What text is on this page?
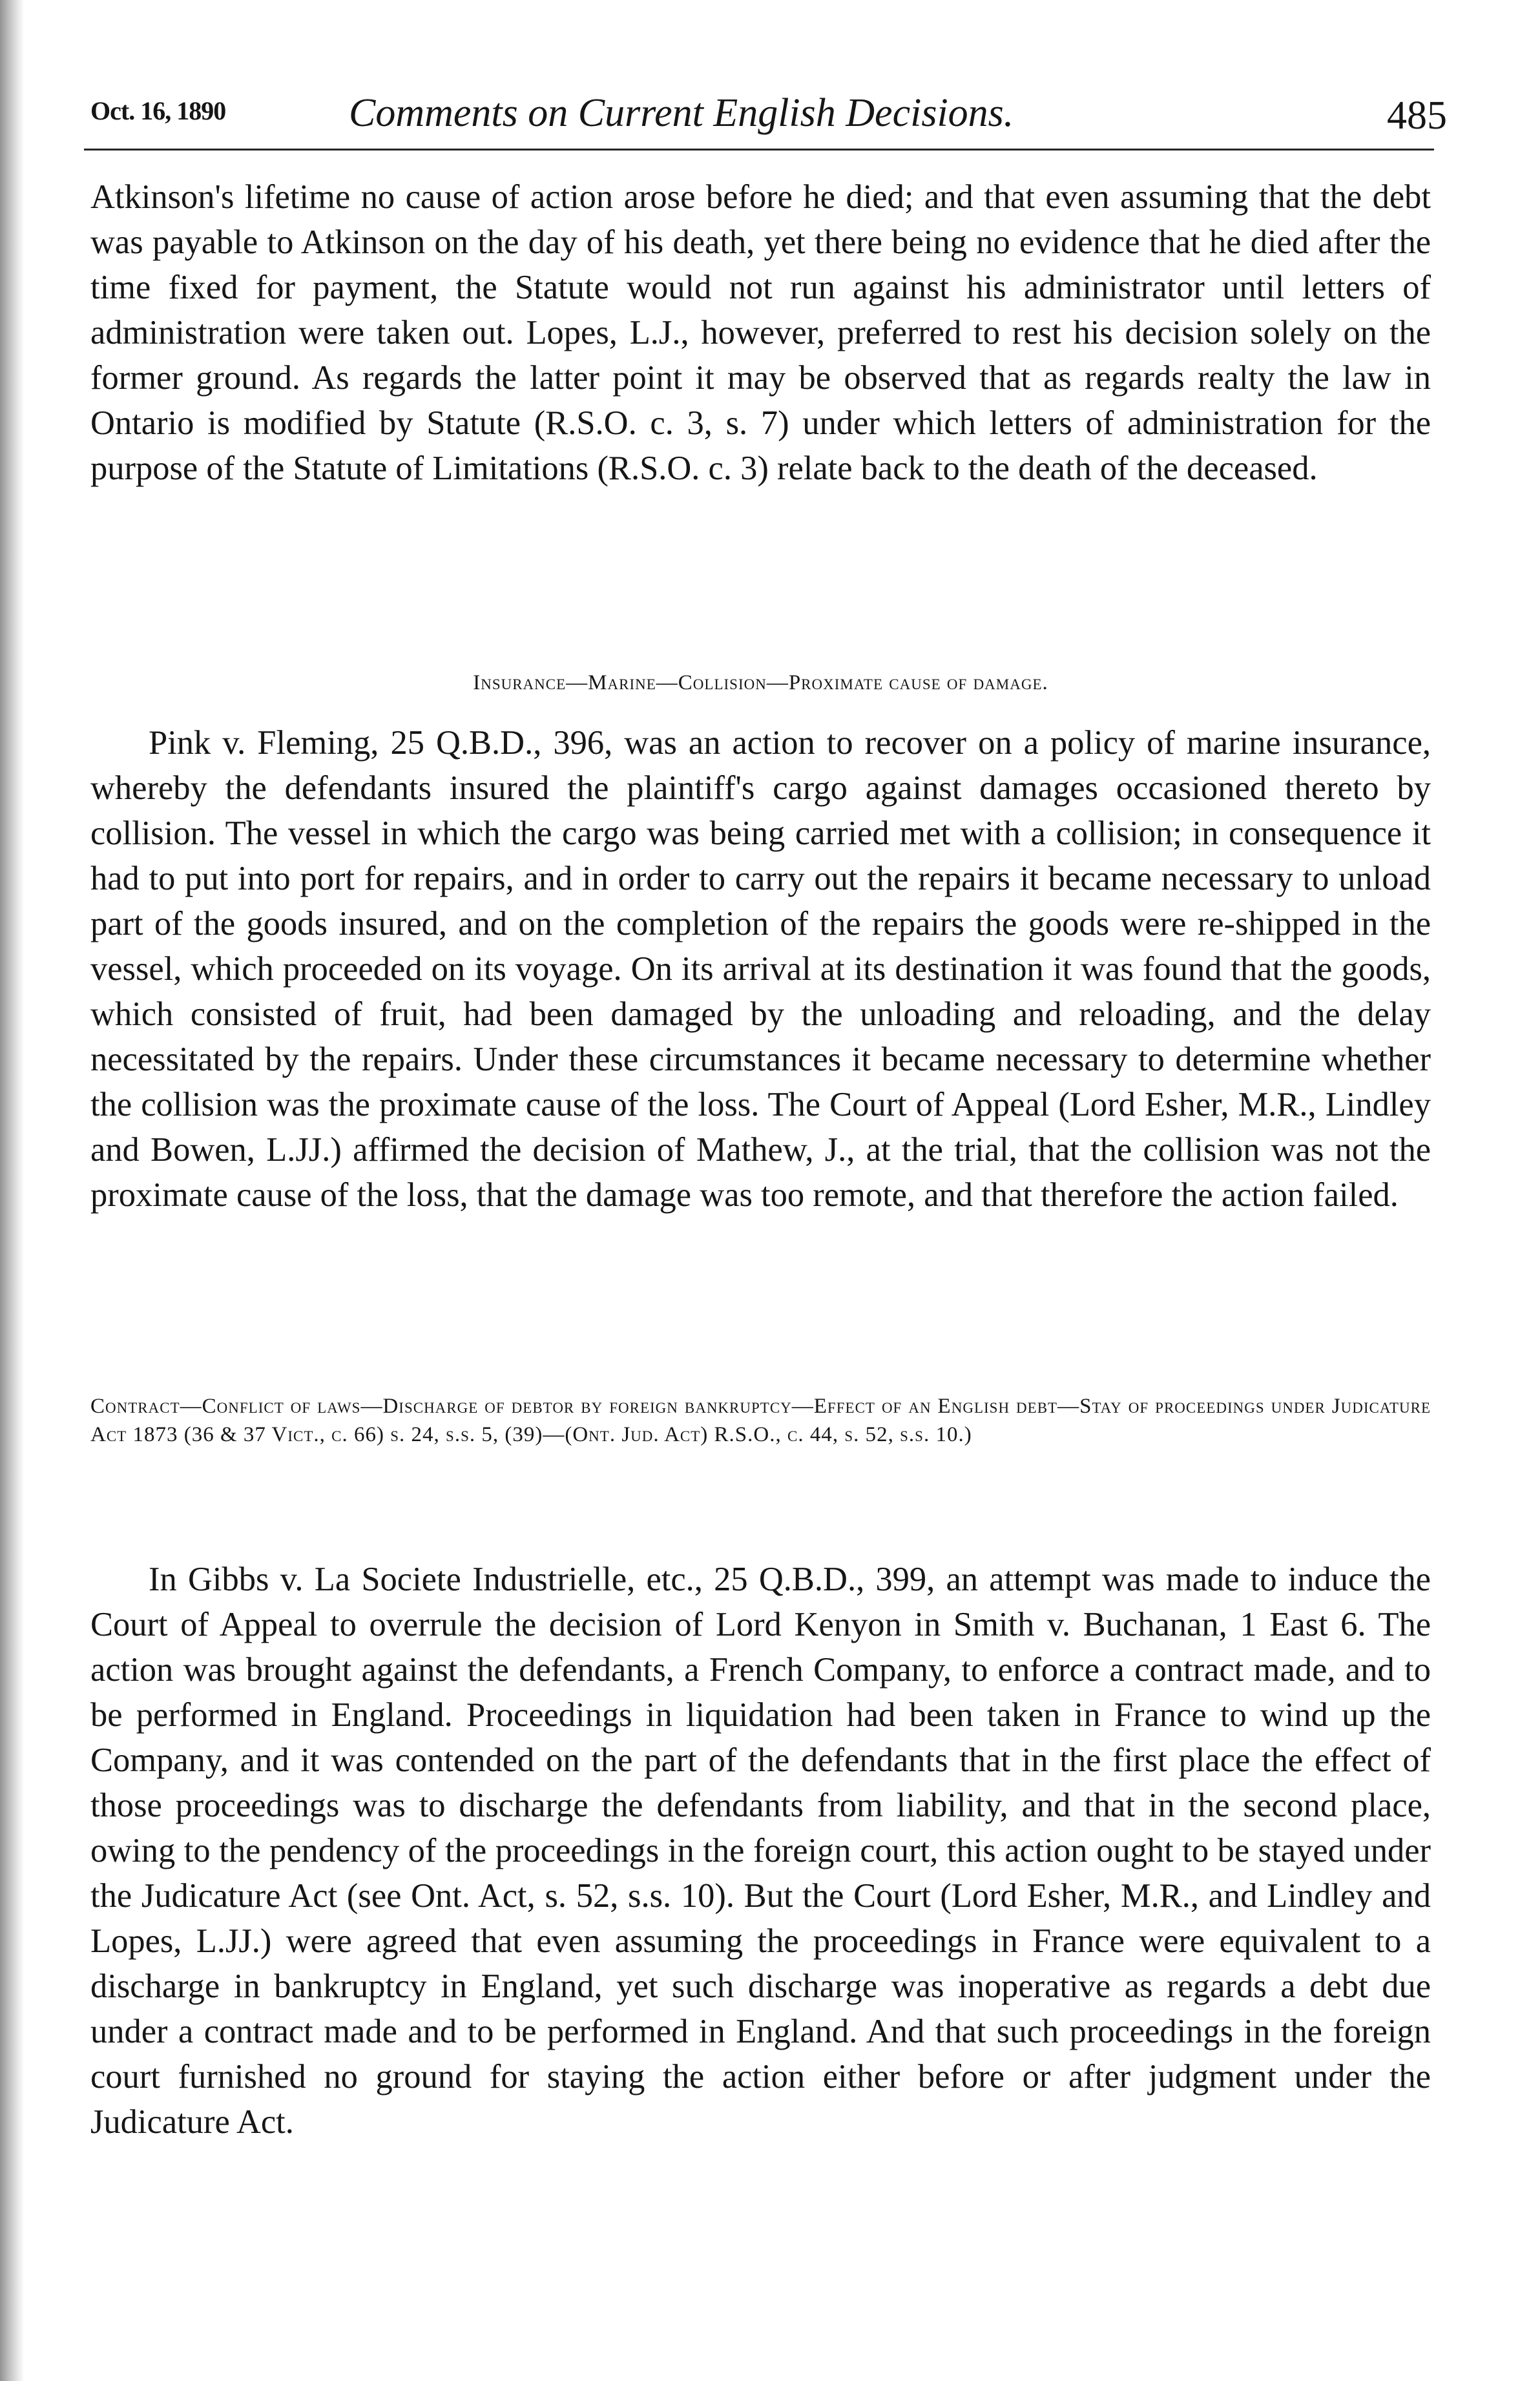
Oct. 16, 1890	Comments on Current English Decisions.	485

Atkinson's lifetime no cause of action arose before he died; and that even assuming that the debt was payable to Atkinson on the day of his death, yet there being no evidence that he died after the time fixed for payment, the Statute would not run against his administrator until letters of administration were taken out. Lopes, L.J., however, preferred to rest his decision solely on the former ground. As regards the latter point it may be observed that as regards realty the law in Ontario is modified by Statute (R.S.O. c. 3, s. 7) under which letters of administration for the purpose of the Statute of Limitations (R.S.O. c. 3) relate back to the death of the deceased.

Insurance—Marine—Collision—Proximate cause of damage.

Pink v. Fleming, 25 Q.B.D., 396, was an action to recover on a policy of marine insurance, whereby the defendants insured the plaintiff's cargo against damages occasioned thereto by collision. The vessel in which the cargo was being carried met with a collision; in consequence it had to put into port for repairs, and in order to carry out the repairs it became necessary to unload part of the goods insured, and on the completion of the repairs the goods were re-shipped in the vessel, which proceeded on its voyage. On its arrival at its destination it was found that the goods, which consisted of fruit, had been damaged by the unloading and reloading, and the delay necessitated by the repairs. Under these circumstances it became necessary to determine whether the collision was the proximate cause of the loss. The Court of Appeal (Lord Esher, M.R., Lindley and Bowen, L.JJ.) affirmed the decision of Mathew, J., at the trial, that the collision was not the proximate cause of the loss, that the damage was too remote, and that therefore the action failed.

Contract—Conflict of laws—Discharge of debtor by foreign bankruptcy—Effect of an English debt—Stay of proceedings under Judicature Act 1873 (36 & 37 Vict., c. 66) s. 24, s.s. 5, (39)—(Ont. Jud. Act) R.S.O., c. 44, s. 52, s.s. 10.)

In Gibbs v. La Societe Industrielle, etc., 25 Q.B.D., 399, an attempt was made to induce the Court of Appeal to overrule the decision of Lord Kenyon in Smith v. Buchanan, 1 East 6. The action was brought against the defendants, a French Company, to enforce a contract made, and to be performed in England. Proceedings in liquidation had been taken in France to wind up the Company, and it was contended on the part of the defendants that in the first place the effect of those proceedings was to discharge the defendants from liability, and that in the second place, owing to the pendency of the proceedings in the foreign court, this action ought to be stayed under the Judicature Act (see Ont. Act, s. 52, s.s. 10). But the Court (Lord Esher, M.R., and Lindley and Lopes, L.JJ.) were agreed that even assuming the proceedings in France were equivalent to a discharge in bankruptcy in England, yet such discharge was inoperative as regards a debt due under a contract made and to be performed in England. And that such proceedings in the foreign court furnished no ground for staying the action either before or after judgment under the Judicature Act.
